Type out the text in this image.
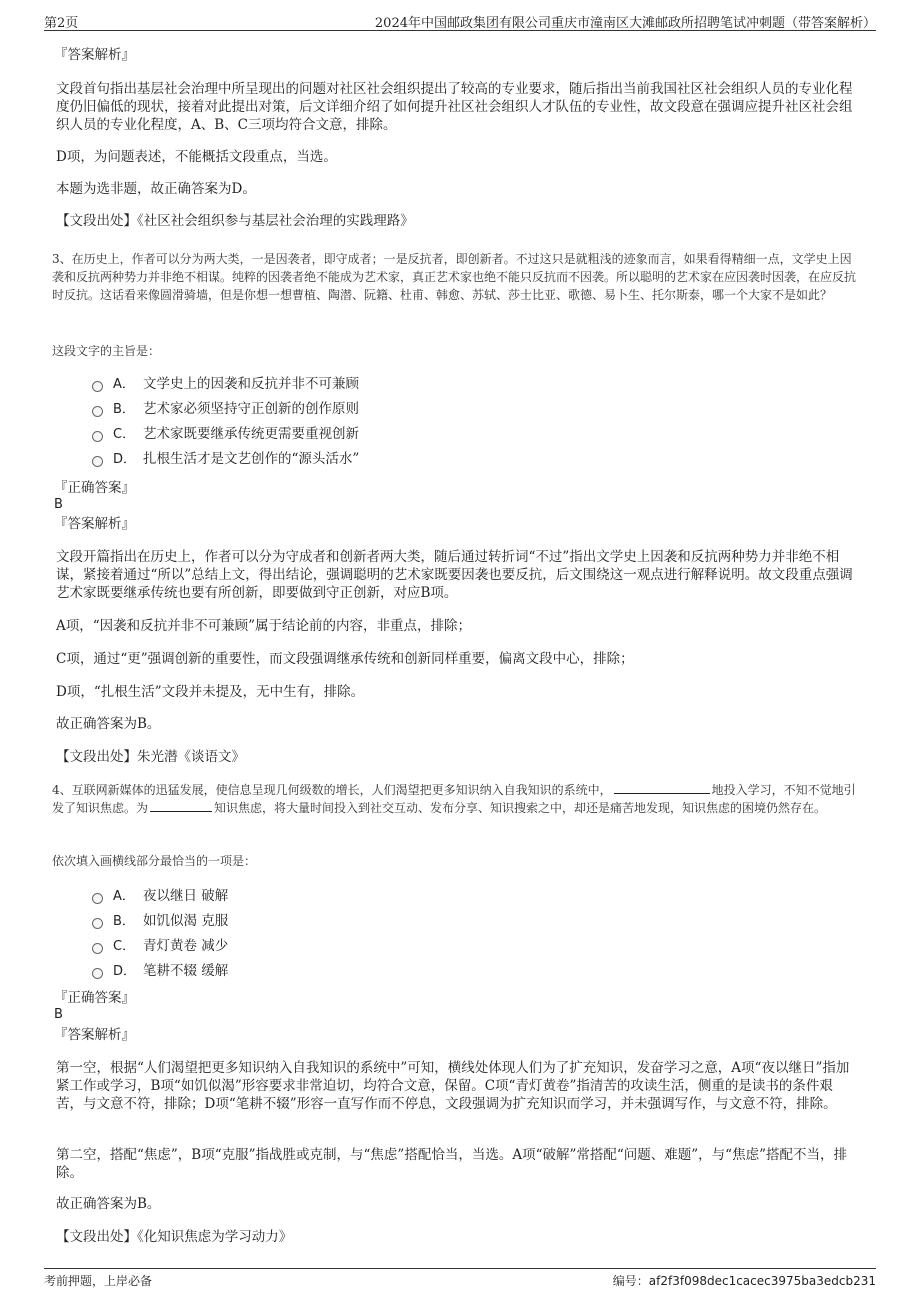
第2页	2024年中国邮政集团有限公司重庆市潼南区大滩邮政所招聘笔试冲刺题（带答案解析）
『答案解析』

文段首句指出基层社会治理中所呈现出的问题对社区社会组织提出了较高的专业要求，随后指出当前我国社区社会组织人员的专业化程度仍旧偏低的现状，接着对此提出对策，后文详细介绍了如何提升社区社会组织人才队伍的专业性，故文段意在强调应提升社区社会组织人员的专业化程度，A、B、C三项均符合文意，排除。

D项，为问题表述，不能概括文段重点，当选。

本题为选非题，故正确答案为D。

【文段出处】《社区社会组织参与基层社会治理的实践理路》

3、在历史上，作者可以分为两大类，一是因袭者，即守成者；一是反抗者，即创新者。不过这只是就粗浅的迹象而言，如果看得精细一点，文学史上因袭和反抗两种势力并非绝不相谋。纯粹的因袭者绝不能成为艺术家，真正艺术家也绝不能只反抗而不因袭。所以聪明的艺术家在应因袭时因袭，在应反抗时反抗。这话看来像圆滑骑墙，但是你想一想曹植、陶潜、阮籍、杜甫、韩愈、苏轼、莎士比亚、歌德、易卜生、托尔斯泰，哪一个大家不是如此？

这段文字的主旨是：

A． 文学史上的因袭和反抗并非不可兼顾
B． 艺术家必须坚持守正创新的创作原则
C． 艺术家既要继承传统更需要重视创新
D． 扎根生活才是文艺创作的“源头活水”
『正确答案』
B
『答案解析』

文段开篇指出在历史上，作者可以分为守成者和创新者两大类，随后通过转折词“不过”指出文学史上因袭和反抗两种势力并非绝不相谋，紧接着通过“所以”总结上文，得出结论，强调聪明的艺术家既要因袭也要反抗，后文围绕这一观点进行解释说明。故文段重点强调艺术家既要继承传统也要有所创新，即要做到守正创新，对应B项。

A项，“因袭和反抗并非不可兼顾”属于结论前的内容，非重点，排除；

C项，通过“更”强调创新的重要性，而文段强调继承传统和创新同样重要，偏离文段中心，排除；

D项，“扎根生活”文段并未提及，无中生有，排除。

故正确答案为B。

【文段出处】朱光潜《谈语文》

4、互联网新媒体的迅猛发展，使信息呈现几何级数的增长，人们渴望把更多知识纳入自我知识的系统中，	地投入学习，不知不觉地引发了知识焦虑。为	知识焦虑，将大量时间投入到社交互动、发布分享、知识搜索之中，却还是痛苦地发现，知识焦虑的困境仍然存在。

依次填入画横线部分最恰当的一项是：

A． 夜以继日 破解
B． 如饥似渴 克服
C． 青灯黄卷 减少
D． 笔耕不辍 缓解
『正确答案』
B
『答案解析』

第一空，根据“人们渴望把更多知识纳入自我知识的系统中”可知，横线处体现人们为了扩充知识，发奋学习之意，A项“夜以继日”指加紧工作或学习，B项“如饥似渴”形容要求非常迫切，均符合文意，保留。C项“青灯黄卷”指清苦的攻读生活，侧重的是读书的条件艰苦，与文意不符，排除；D项“笔耕不辍”形容一直写作而不停息，文段强调为扩充知识而学习，并未强调写作，与文意不符，排除。

第二空，搭配“焦虑”，B项“克服”指战胜或克制，与“焦虑”搭配恰当，当选。A项“破解”常搭配“问题、难题”，与“焦虑”搭配不当，排除。

故正确答案为B。

【文段出处】《化知识焦虑为学习动力》

考前押题，上岸必备	编号：af2f3f098dec1cacec3975ba3edcb231
